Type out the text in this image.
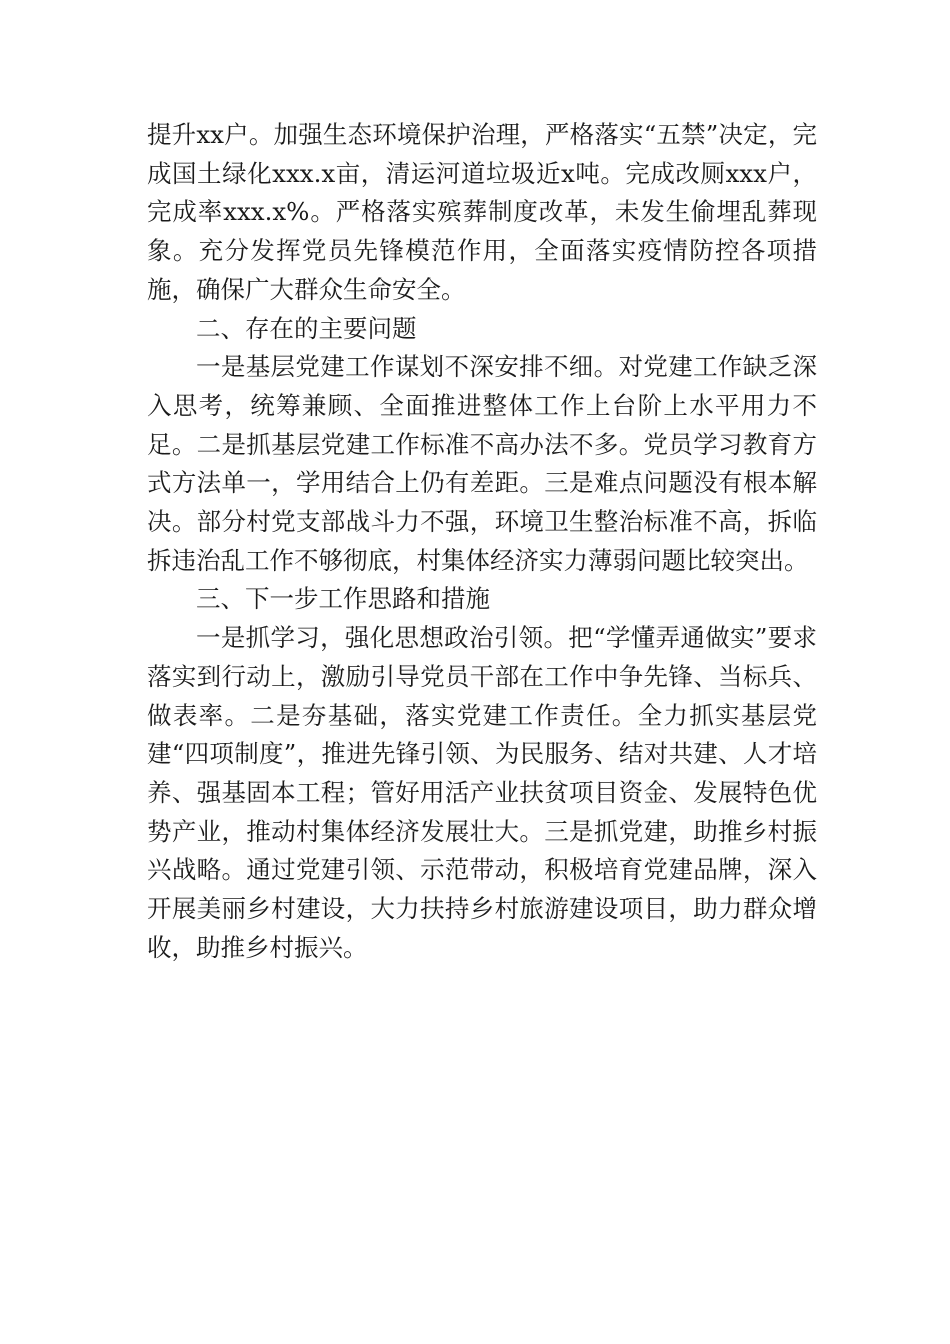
提升xx户。加强生态环境保护治理，严格落实“五禁”决定，完成国土绿化xxx.x亩，清运河道垃圾近x吨。完成改厕xxx户，完成率xxx.x%。严格落实殡葬制度改革，未发生偷埋乱葬现象。充分发挥党员先锋模范作用，全面落实疫情防控各项措施，确保广大群众生命安全。

二、存在的主要问题

一是基层党建工作谋划不深安排不细。对党建工作缺乏深入思考，统筹兼顾、全面推进整体工作上台阶上水平用力不足。二是抓基层党建工作标准不高办法不多。党员学习教育方式方法单一，学用结合上仍有差距。三是难点问题没有根本解决。部分村党支部战斗力不强，环境卫生整治标准不高，拆临拆违治乱工作不够彻底，村集体经济实力薄弱问题比较突出。

三、下一步工作思路和措施

一是抓学习，强化思想政治引领。把“学懂弄通做实”要求落实到行动上，激励引导党员干部在工作中争先锋、当标兵、做表率。二是夯基础，落实党建工作责任。全力抓实基层党建“四项制度”，推进先锋引领、为民服务、结对共建、人才培养、强基固本工程；管好用活产业扶贫项目资金、发展特色优势产业，推动村集体经济发展壮大。三是抓党建，助推乡村振兴战略。通过党建引领、示范带动，积极培育党建品牌，深入开展美丽乡村建设，大力扶持乡村旅游建设项目，助力群众增收，助推乡村振兴。
